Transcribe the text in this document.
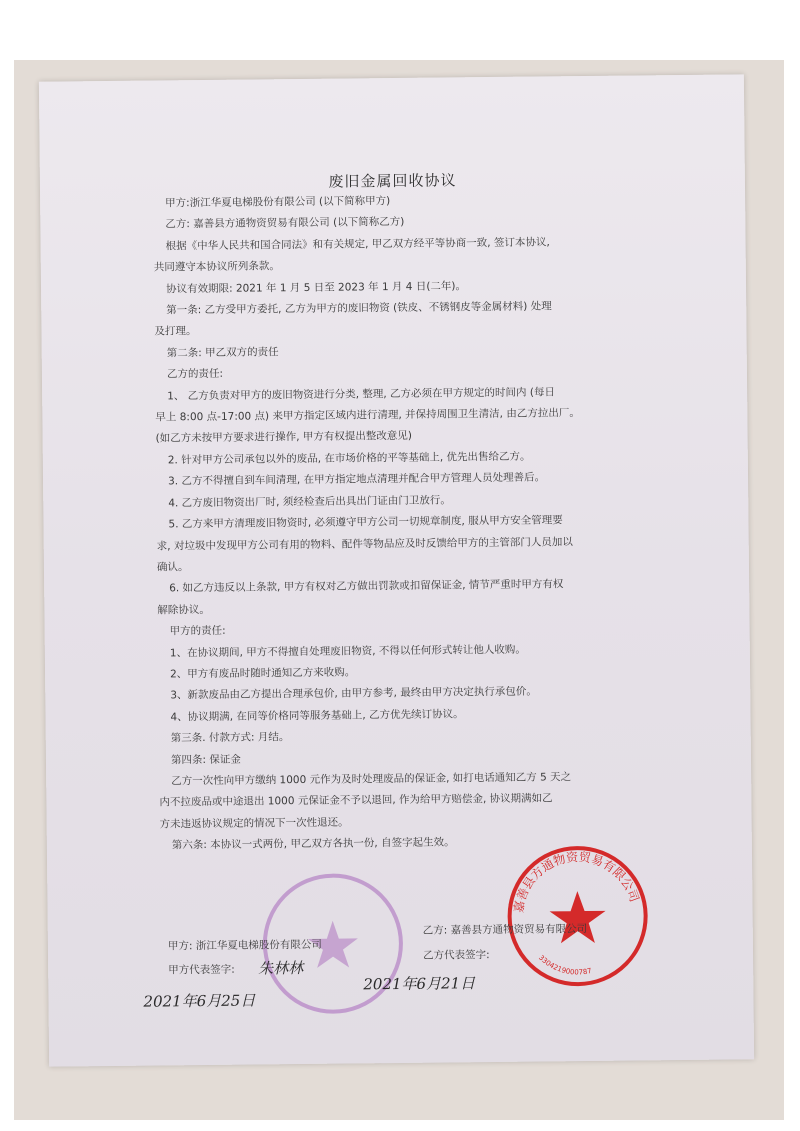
废旧金属回收协议
甲方:浙江华夏电梯股份有限公司 (以下简称甲方)
乙方: 嘉善县方通物资贸易有限公司 (以下简称乙方)
根据《中华人民共和国合同法》和有关规定, 甲乙双方经平等协商一致, 签订本协议,
共同遵守本协议所列条款。
协议有效期限: 2021 年 1 月 5 日至 2023 年 1 月 4 日(二年)。
第一条: 乙方受甲方委托, 乙方为甲方的废旧物资 (铁皮、不锈钢皮等金属材料) 处理
及打理。
第二条: 甲乙双方的责任
乙方的责任:
1、 乙方负责对甲方的废旧物资进行分类, 整理, 乙方必须在甲方规定的时间内 (每日
早上 8:00 点-17:00 点) 来甲方指定区域内进行清理, 并保持周围卫生清洁, 由乙方拉出厂。
(如乙方未按甲方要求进行操作, 甲方有权提出整改意见)
2. 针对甲方公司承包以外的废品, 在市场价格的平等基础上, 优先出售给乙方。
3. 乙方不得擅自到车间清理, 在甲方指定地点清理并配合甲方管理人员处理善后。
4. 乙方废旧物资出厂时, 须经检查后出具出门证由门卫放行。
5. 乙方来甲方清理废旧物资时, 必须遵守甲方公司一切规章制度, 服从甲方安全管理要
求, 对垃圾中发现甲方公司有用的物料、配件等物品应及时反馈给甲方的主管部门人员加以
确认。
6. 如乙方违反以上条款, 甲方有权对乙方做出罚款或扣留保证金, 情节严重时甲方有权
解除协议。
甲方的责任:
1、在协议期间, 甲方不得擅自处理废旧物资, 不得以任何形式转让他人收购。
2、甲方有废品时随时通知乙方来收购。
3、新款废品由乙方提出合理承包价, 由甲方参考, 最终由甲方决定执行承包价。
4、协议期满, 在同等价格同等服务基础上, 乙方优先续订协议。
第三条. 付款方式: 月结。
第四条: 保证金
乙方一次性向甲方缴纳 1000 元作为及时处理废品的保证金, 如打电话通知乙方 5 天之
内不拉废品或中途退出 1000 元保证金不予以退回, 作为给甲方赔偿金, 协议期满如乙
方未违返协议规定的情况下一次性退还。
第六条: 本协议一式两份, 甲乙双方各执一份, 自签字起生效。
嘉善县方通物资贸易有限公司
3304219000787
甲方: 浙江华夏电梯股份有限公司
乙方: 嘉善县方通物资贸易有限公司
甲方代表签字:
乙方代表签字:
朱林林
2021年6月25日
2021年6月21日
